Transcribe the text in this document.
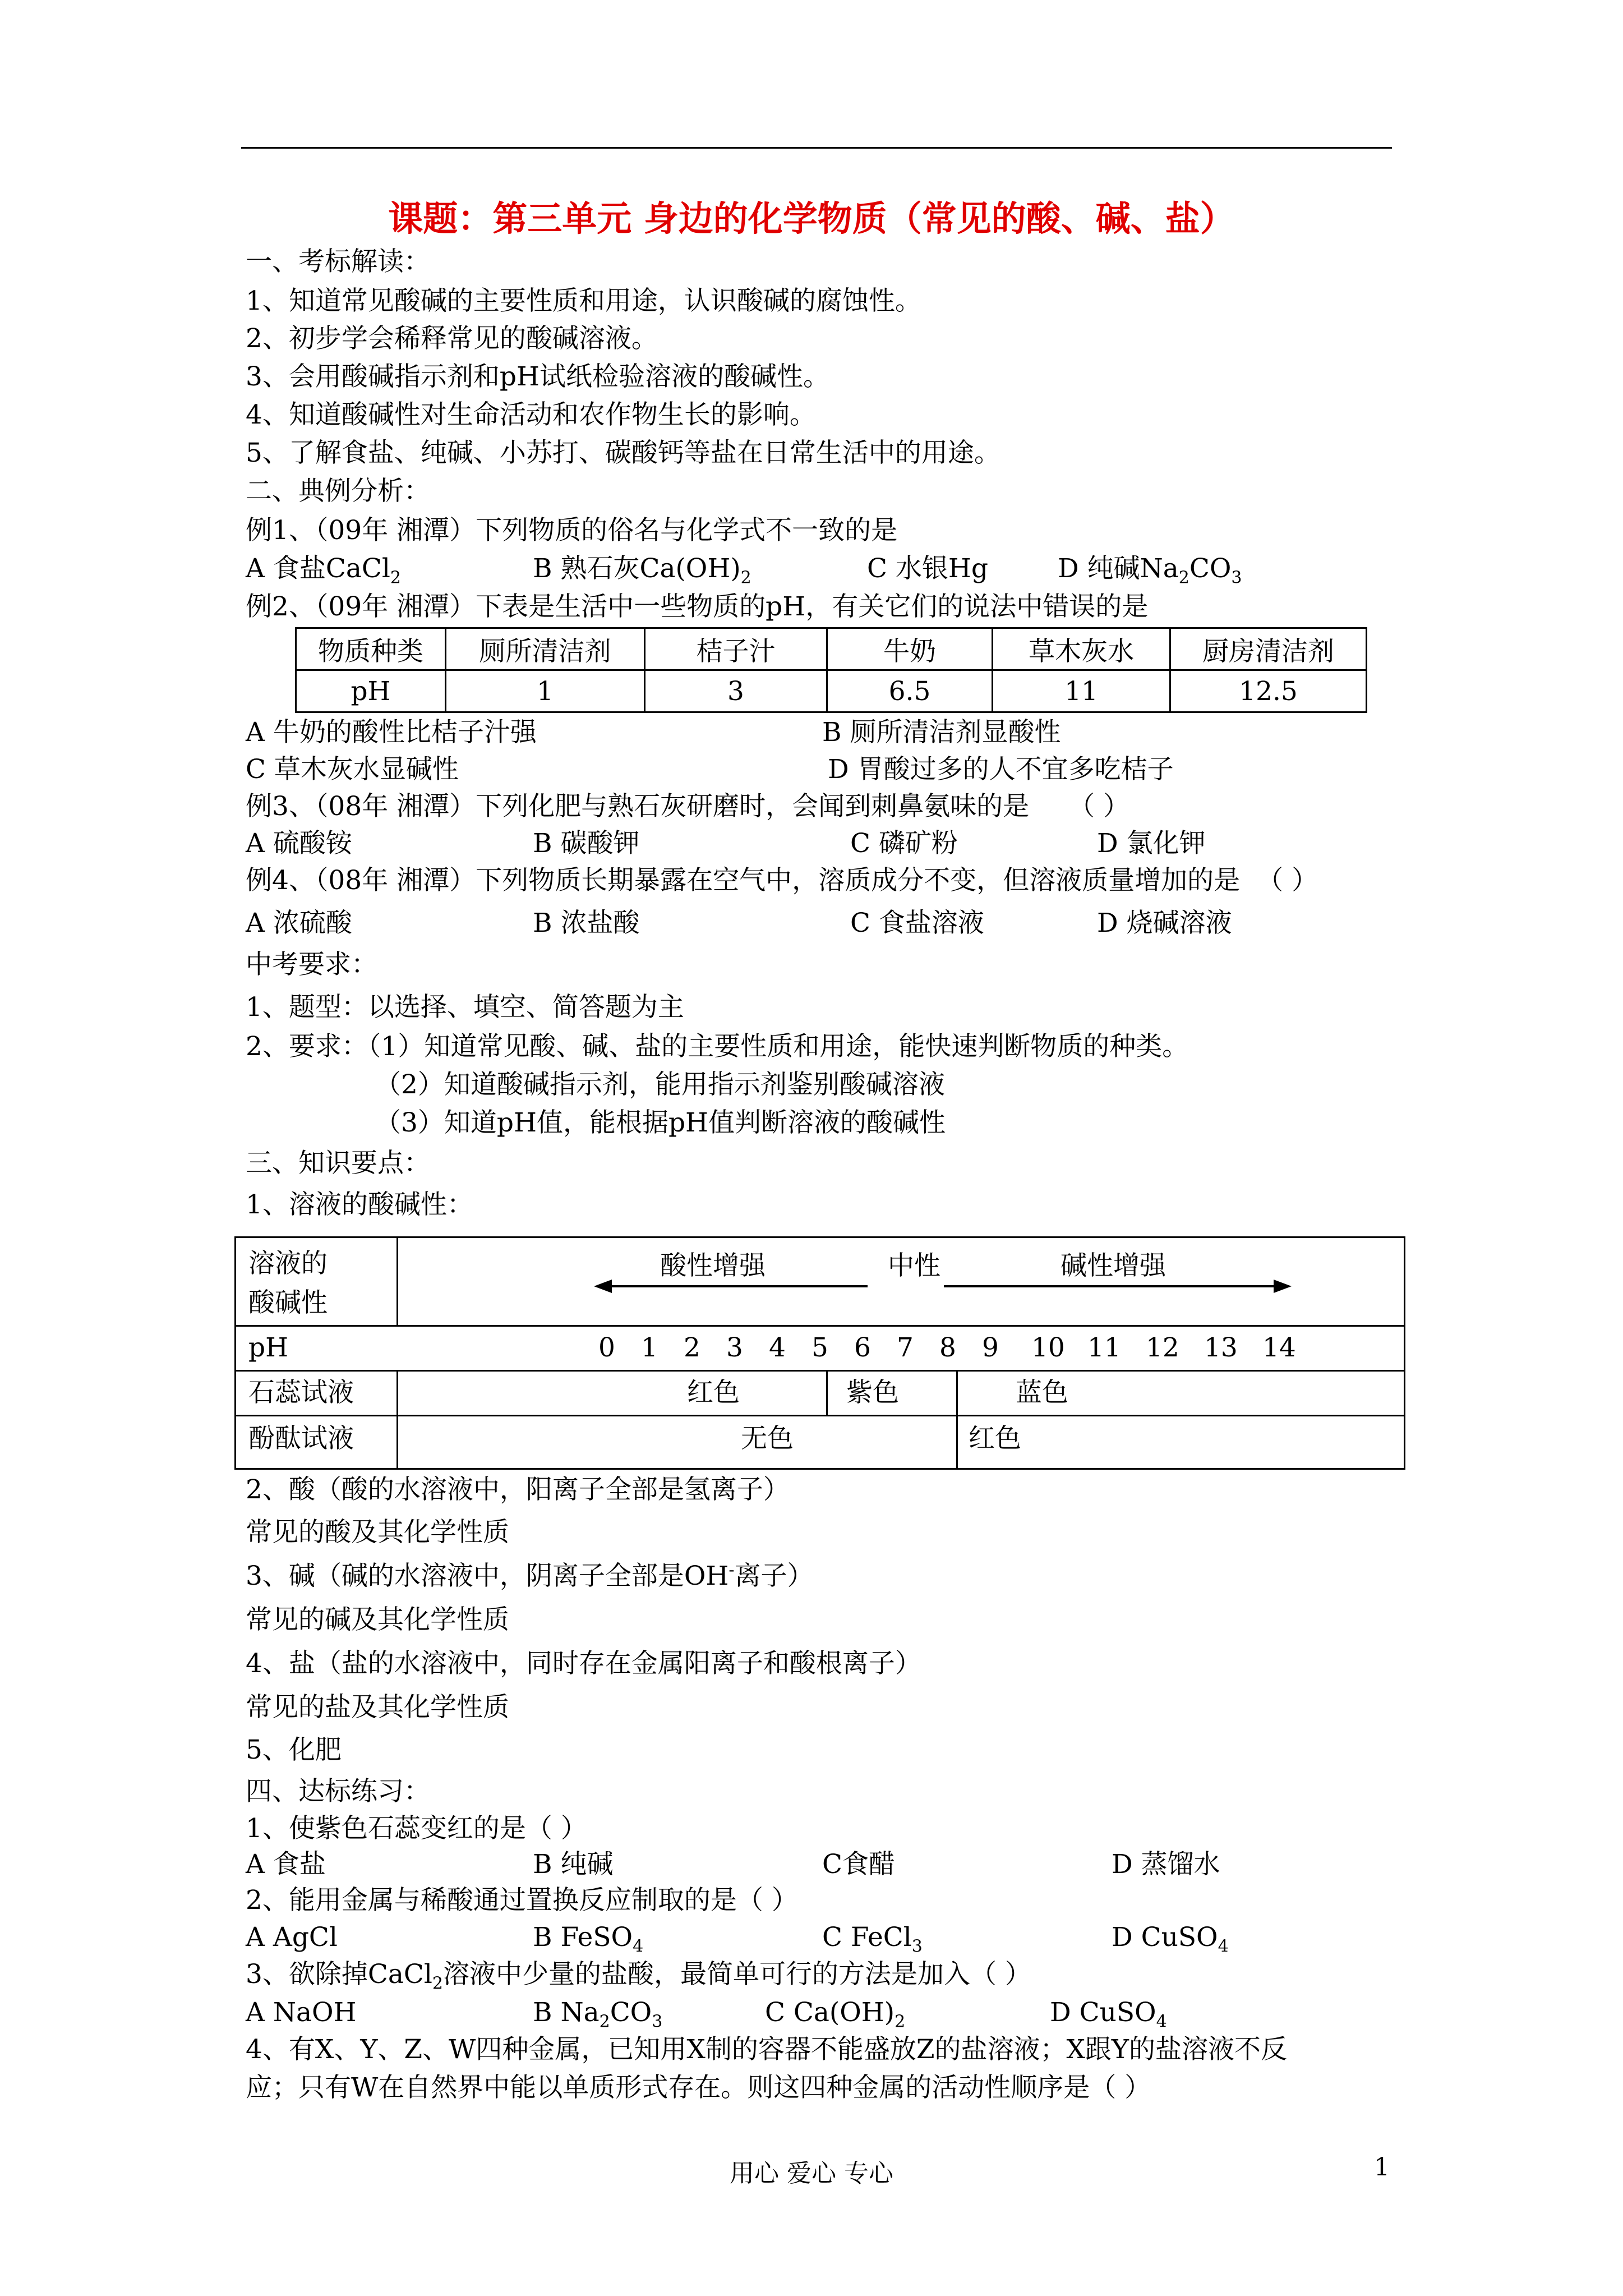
课题：第三单元 身边的化学物质（常见的酸、碱、盐）
一、考标解读：
1、知道常见酸碱的主要性质和用途，认识酸碱的腐蚀性。
2、初步学会稀释常见的酸碱溶液。
3、会用酸碱指示剂和pH试纸检验溶液的酸碱性。
4、知道酸碱性对生命活动和农作物生长的影响。
5、了解食盐、纯碱、小苏打、碳酸钙等盐在日常生活中的用途。
二、典例分析：
例1、（09年 湘潭）下列物质的俗名与化学式不一致的是
A 食盐CaCl$_2$	B 熟石灰$Ca(OH)_2$	C 水银Hg	D 纯碱$Na_2CO_3$
例2、（09年 湘潭）下表是生活中一些物质的pH，有关它们的说法中错误的是
物质种类	厕所清洁剂	桔子汁	牛奶	草木灰水	厨房清洁剂
pH	1	3	6.5	11	12.5
A 牛奶的酸性比桔子汁强	B 厕所清洁剂显酸性
C 草木灰水显碱性	D 胃酸过多的人不宜多吃桔子
例3、（08年 湘潭）下列化肥与熟石灰研磨时，会闻到刺鼻氨味的是 （ ）
A 硫酸铵	B 碳酸钾	C 磷矿粉	D 氯化钾
例4、（08年 湘潭）下列物质长期暴露在空气中，溶质成分不变，但溶液质量增加的是 （ ）
A 浓硫酸	B 浓盐酸	C 食盐溶液	D 烧碱溶液
中考要求：
1、题型：以选择、填空、简答题为主
2、要求：（1）知道常见酸、碱、盐的主要性质和用途，能快速判断物质的种类。
（2）知道酸碱指示剂，能用指示剂鉴别酸碱溶液
（3）知道pH值，能根据pH值判断溶液的酸碱性
三、知识要点：
1、溶液的酸碱性：
溶液的
酸碱性
酸性增强	中性	碱性增强
pH	0 1 2 3 4 5 6 7 8 9 10 11 12 13 14
石蕊试液	红色	紫色	蓝色
酚酞试液	无色	红色
2、酸（酸的水溶液中，阳离子全部是氢离子）
常见的酸及其化学性质
3、碱（碱的水溶液中，阴离子全部是OH-离子）
常见的碱及其化学性质
4、盐（盐的水溶液中，同时存在金属阳离子和酸根离子）
常见的盐及其化学性质
5、化肥
四、达标练习：
1、使紫色石蕊变红的是（ ）
A 食盐	B 纯碱	C食醋	D 蒸馏水
2、能用金属与稀酸通过置换反应制取的是（ ）
A AgCl	B FeSO$_4$	C FeCl$_3$	D CuSO$_4$
3、欲除掉CaCl$_2$溶液中少量的盐酸，最简单可行的方法是加入（ ）
A NaOH	B $Na_2CO_3$	C $Ca(OH)_2$	D CuSO$_4$
4、有X、Y、Z、W四种金属，已知用X制的容器不能盛放Z的盐溶液；X跟Y的盐溶液不反
应；只有W在自然界中能以单质形式存在。则这四种金属的活动性顺序是（ ）
用心 爱心 专心	1
